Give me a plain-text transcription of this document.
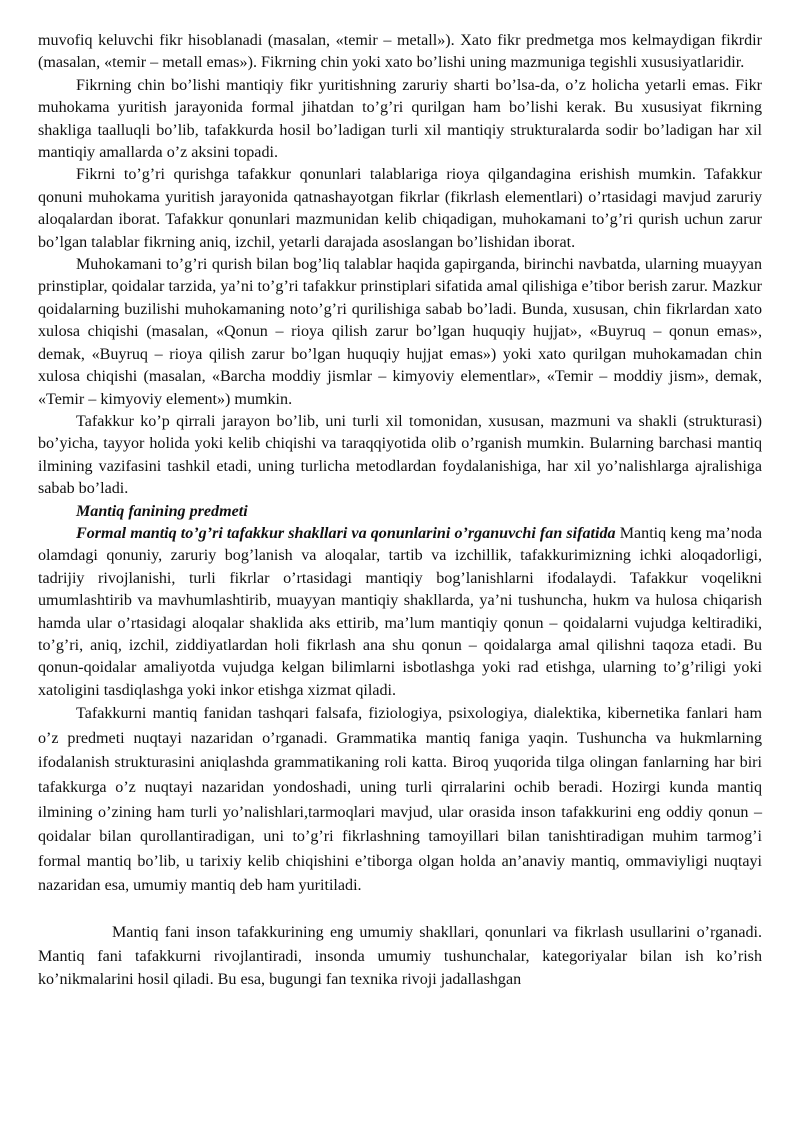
muvofiq keluvchi fikr hisoblanadi (masalan, «temir – metall»). Xato fikr predmetga mos kelmaydigan fikrdir (masalan, «temir – metall emas»). Fikrning chin yoki xato bo’lishi uning mazmuniga tegishli xususiyatlaridir.

Fikrning chin bo’lishi mantiqiy fikr yuritishning zaruriy sharti bo’lsa-da, o’z holicha yetarli emas. Fikr muhokama yuritish jarayonida formal jihatdan to’g’ri qurilgan ham bo’lishi kerak. Bu xususiyat fikrning shakliga taalluqli bo’lib, tafakkurda hosil bo’ladigan turli xil mantiqiy strukturalarda sodir bo’ladigan har xil mantiqiy amallarda o’z aksini topadi.

Fikrni to’g’ri qurishga tafakkur qonunlari talablariga rioya qilgandagina erishish mumkin. Tafakkur qonuni muhokama yuritish jarayonida qatnashayotgan fikrlar (fikrlash elementlari) o’rtasidagi mavjud zaruriy aloqalardan iborat. Tafakkur qonunlari mazmunidan kelib chiqadigan, muhokamani to’g’ri qurish uchun zarur bo’lgan talablar fikrning aniq, izchil, yetarli darajada asoslangan bo’lishidan iborat.

Muhokamani to’g’ri qurish bilan bog’liq talablar haqida gapirganda, birinchi navbatda, ularning muayyan prinstiplar, qoidalar tarzida, ya’ni to’g’ri tafakkur prinstiplari sifatida amal qilishiga e’tibor berish zarur. Mazkur qoidalarning buzilishi muhokamaning noto’g’ri qurilishiga sabab bo’ladi. Bunda, xususan, chin fikrlardan xato xulosa chiqishi (masalan, «Qonun – rioya qilish zarur bo’lgan huquqiy hujjat», «Buyruq – qonun emas», demak, «Buyruq – rioya qilish zarur bo’lgan huquqiy hujjat emas») yoki xato qurilgan muhokamadan chin xulosa chiqishi (masalan, «Barcha moddiy jismlar – kimyoviy elementlar», «Temir – moddiy jism», demak, «Temir – kimyoviy element») mumkin.

Tafakkur ko’p qirrali jarayon bo’lib, uni turli xil tomonidan, xususan, mazmuni va shakli (strukturasi) bo’yicha, tayyor holida yoki kelib chiqishi va taraqqiyotida olib o’rganish mumkin. Bularning barchasi mantiq ilmining vazifasini tashkil etadi, uning turlicha metodlardan foydalanishiga, har xil yo’nalishlarga ajralishiga sabab bo’ladi.

Mantiq fanining predmeti

Formal mantiq to’g’ri tafakkur shakllari va qonunlarini o’rganuvchi fan sifatida Mantiq keng ma’noda olamdagi qonuniy, zaruriy bog’lanish va aloqalar, tartib va izchillik, tafakkurimizning ichki aloqadorligi, tadrijiy rivojlanishi, turli fikrlar o’rtasidagi mantiqiy bog’lanishlarni ifodalaydi. Tafakkur voqelikni umumlashtirib va mavhumlashtirib, muayyan mantiqiy shakllarda, ya’ni tushuncha, hukm va hulosa chiqarish hamda ular o’rtasidagi aloqalar shaklida aks ettirib, ma’lum mantiqiy qonun – qoidalarni vujudga keltiradiki, to’g’ri, aniq, izchil, ziddiyatlardan holi fikrlash ana shu qonun – qoidalarga amal qilishni taqoza etadi. Bu qonun-qoidalar amaliyotda vujudga kelgan bilimlarni isbotlashga yoki rad etishga, ularning to’g’riligi yoki xatoligini tasdiqlashga yoki inkor etishga xizmat qiladi.

Tafakkurni mantiq fanidan tashqari falsafa, fiziologiya, psixologiya, dialektika, kibernetika fanlari ham o’z predmeti nuqtayi nazaridan o’rganadi. Grammatika mantiq faniga yaqin. Tushuncha va hukmlarning ifodalanish strukturasini aniqlashda grammatikaning roli katta. Biroq yuqorida tilga olingan fanlarning har biri tafakkurga o’z nuqtayi nazaridan yondoshadi, uning turli qirralarini ochib beradi. Hozirgi kunda mantiq ilmining o’zining ham turli yo’nalishlari,tarmoqlari mavjud, ular orasida inson tafakkurini eng oddiy qonun – qoidalar bilan qurollantiradigan, uni to’g’ri fikrlashning tamoyillari bilan tanishtiradigan muhim tarmog’i formal mantiq bo’lib, u tarixiy kelib chiqishini e’tiborga olgan holda an’anaviy mantiq, ommaviyligi nuqtayi nazaridan esa, umumiy mantiq deb ham yuritiladi.

Mantiq fani inson tafakkurining eng umumiy shakllari, qonunlari va fikrlash usullarini o’rganadi. Mantiq fani tafakkurni rivojlantiradi, insonda umumiy tushunchalar, kategoriyalar bilan ish ko’rish ko’nikmalarini hosil qiladi. Bu esa, bugungi fan texnika rivoji jadallashgan
